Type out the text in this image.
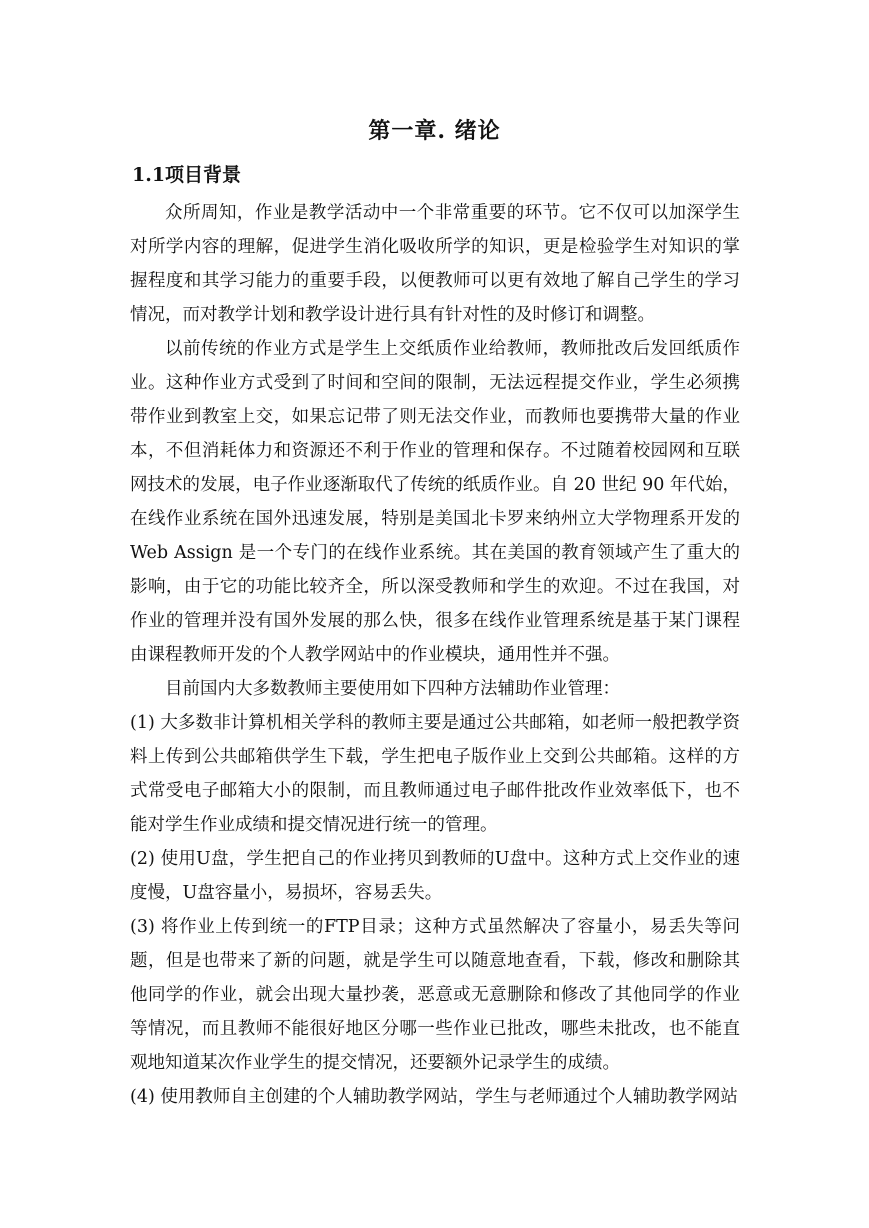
第一章. 绪论
1.1项目背景

众所周知，作业是教学活动中一个非常重要的环节。它不仅可以加深学生对所学内容的理解，促进学生消化吸收所学的知识，更是检验学生对知识的掌握程度和其学习能力的重要手段，以便教师可以更有效地了解自己学生的学习情况，而对教学计划和教学设计进行具有针对性的及时修订和调整。

以前传统的作业方式是学生上交纸质作业给教师，教师批改后发回纸质作业。这种作业方式受到了时间和空间的限制，无法远程提交作业，学生必须携带作业到教室上交，如果忘记带了则无法交作业，而教师也要携带大量的作业本，不但消耗体力和资源还不利于作业的管理和保存。不过随着校园网和互联网技术的发展，电子作业逐渐取代了传统的纸质作业。自 20 世纪 90 年代始，在线作业系统在国外迅速发展，特别是美国北卡罗来纳州立大学物理系开发的 Web Assign 是一个专门的在线作业系统。其在美国的教育领域产生了重大的影响，由于它的功能比较齐全，所以深受教师和学生的欢迎。不过在我国，对作业的管理并没有国外发展的那么快，很多在线作业管理系统是基于某门课程由课程教师开发的个人教学网站中的作业模块，通用性并不强。

目前国内大多数教师主要使用如下四种方法辅助作业管理：

(1) 大多数非计算机相关学科的教师主要是通过公共邮箱，如老师一般把教学资料上传到公共邮箱供学生下载，学生把电子版作业上交到公共邮箱。这样的方式常受电子邮箱大小的限制，而且教师通过电子邮件批改作业效率低下，也不能对学生作业成绩和提交情况进行统一的管理。

(2) 使用U盘，学生把自己的作业拷贝到教师的U盘中。这种方式上交作业的速度慢，U盘容量小，易损坏，容易丢失。

(3) 将作业上传到统一的FTP目录；这种方式虽然解决了容量小，易丢失等问题，但是也带来了新的问题，就是学生可以随意地查看，下载，修改和删除其他同学的作业，就会出现大量抄袭，恶意或无意删除和修改了其他同学的作业等情况，而且教师不能很好地区分哪一些作业已批改，哪些未批改，也不能直观地知道某次作业学生的提交情况，还要额外记录学生的成绩。

(4) 使用教师自主创建的个人辅助教学网站，学生与老师通过个人辅助教学网站
